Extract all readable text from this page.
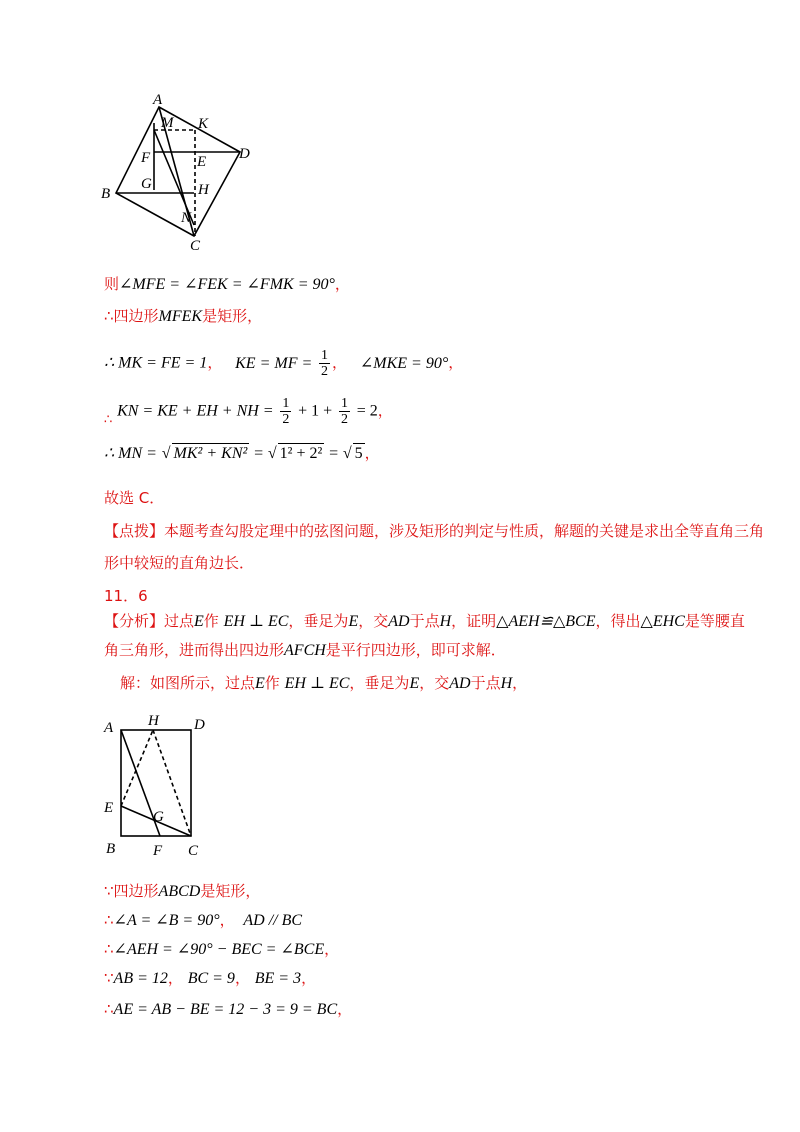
A
M K
F	E D
B
G	H
N
C
则∠MFE = ∠FEK = ∠FMK = 90°，
∴四边形MFEK是矩形，
∴ MK = FE = 1， KE = MF = $\frac{1}{2}$ ， ∠MKE = 90°，
∴ KN = KE + EH + NH = $\frac{1}{2} + 1 + \frac{1}{2} = 2$，
∴ MN = √ MK² + KN² = √ 1² + 2² = √ 5 ，
故选 C．
【点拨】本题考查勾股定理中的弦图问题，涉及矩形的判定与性质，解题的关键是求出全等直角三角
形中较短的直角边长．
11．6
【分析】过点E作 EH ⊥ EC，垂足为E，交AD于点H，证明△AEH≌△BCE，得出△EHC是等腰直
角三角形，进而得出四边形AFCH是平行四边形，即可求解．
解：如图所示，过点E作 EH ⊥ EC，垂足为E，交AD于点H，
A H D
E
G
B	F C
∵四边形ABCD是矩形，
∴∠A = ∠B = 90°， AD // BC
∴∠AEH = ∠90° − BEC = ∠BCE，
∵AB = 12， BC = 9， BE = 3，
∴AE = AB − BE = 12 − 3 = 9 = BC，
